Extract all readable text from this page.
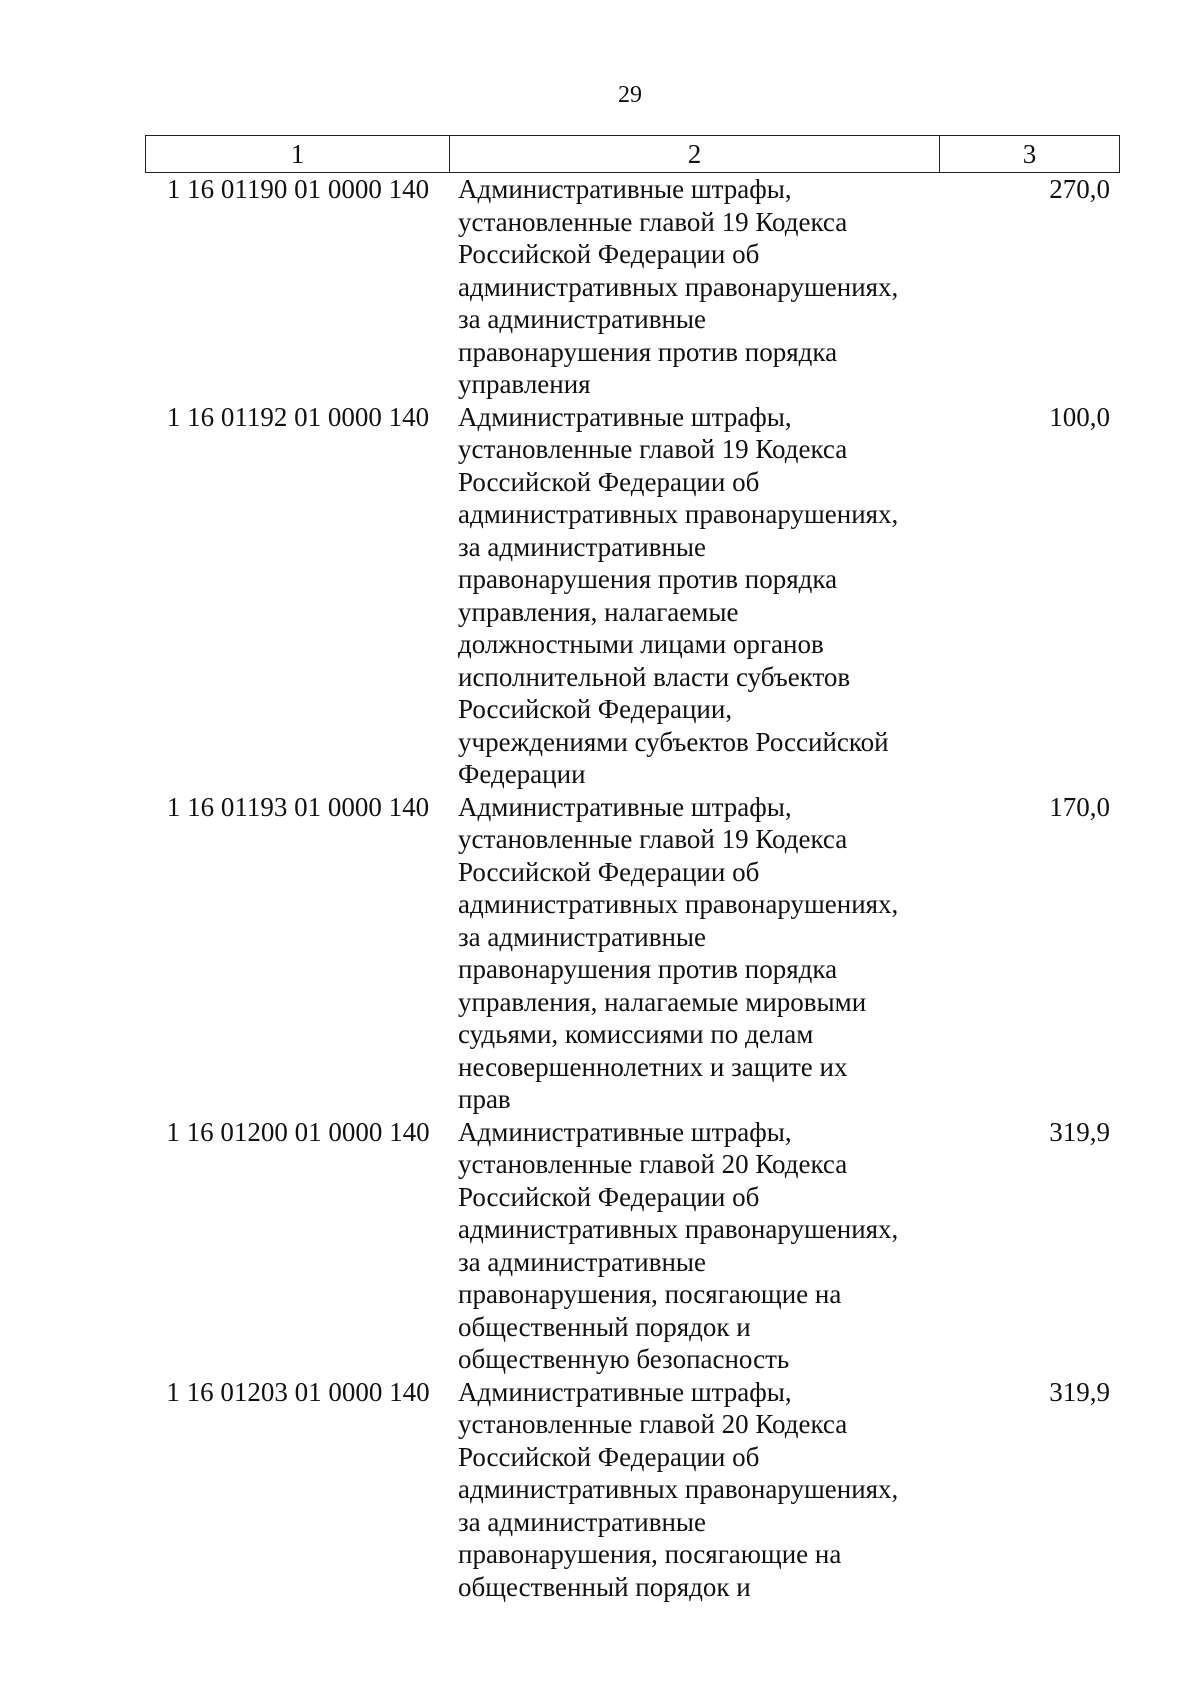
29
1	2	3
1 16 01190 01 0000 140	Административные штрафы,
установленные главой 19 Кодекса
Российской Федерации об
административных правонарушениях,
за административные
правонарушения против порядка
управления
270,0
1 16 01192 01 0000 140	Административные штрафы,
установленные главой 19 Кодекса
Российской Федерации об
административных правонарушениях,
за административные
правонарушения против порядка
управления, налагаемые
должностными лицами органов
исполнительной власти субъектов
Российской Федерации,
учреждениями субъектов Российской
Федерации
100,0
1 16 01193 01 0000 140	Административные штрафы,
установленные главой 19 Кодекса
Российской Федерации об
административных правонарушениях,
за административные
правонарушения против порядка
управления, налагаемые мировыми
судьями, комиссиями по делам
несовершеннолетних и защите их
прав
170,0
1 16 01200 01 0000 140	Административные штрафы,
установленные главой 20 Кодекса
Российской Федерации об
административных правонарушениях,
за административные
правонарушения, посягающие на
общественный порядок и
общественную безопасность
319,9
1 16 01203 01 0000 140	Административные штрафы,
установленные главой 20 Кодекса
Российской Федерации об
административных правонарушениях,
за административные
правонарушения, посягающие на
общественный порядок и
319,9
